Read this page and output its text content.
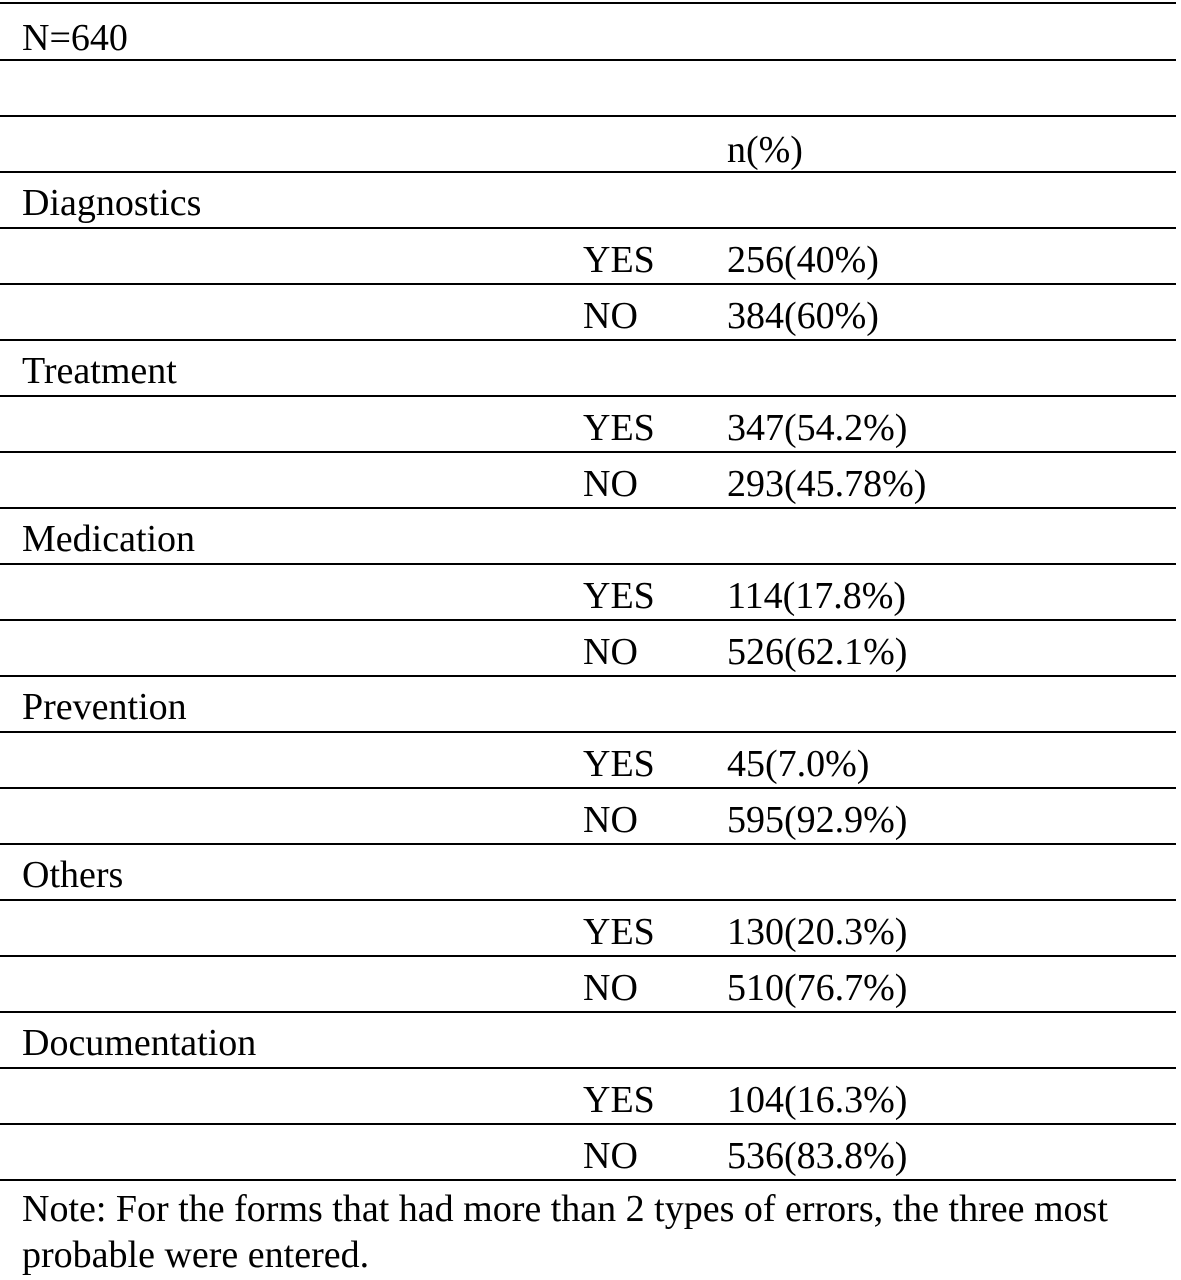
N=640
n(%)
Diagnostics
YES 256(40%)
NO 384(60%)
Treatment
YES 347(54.2%)
NO 293(45.78%)
Medication
YES 114(17.8%)
NO 526(62.1%)
Prevention
YES 45(7.0%)
NO 595(92.9%)
Others
YES 130(20.3%)
NO 510(76.7%)
Documentation
YES 104(16.3%)
NO 536(83.8%)
Note: For the forms that had more than 2 types of errors, the three most probable were entered.
